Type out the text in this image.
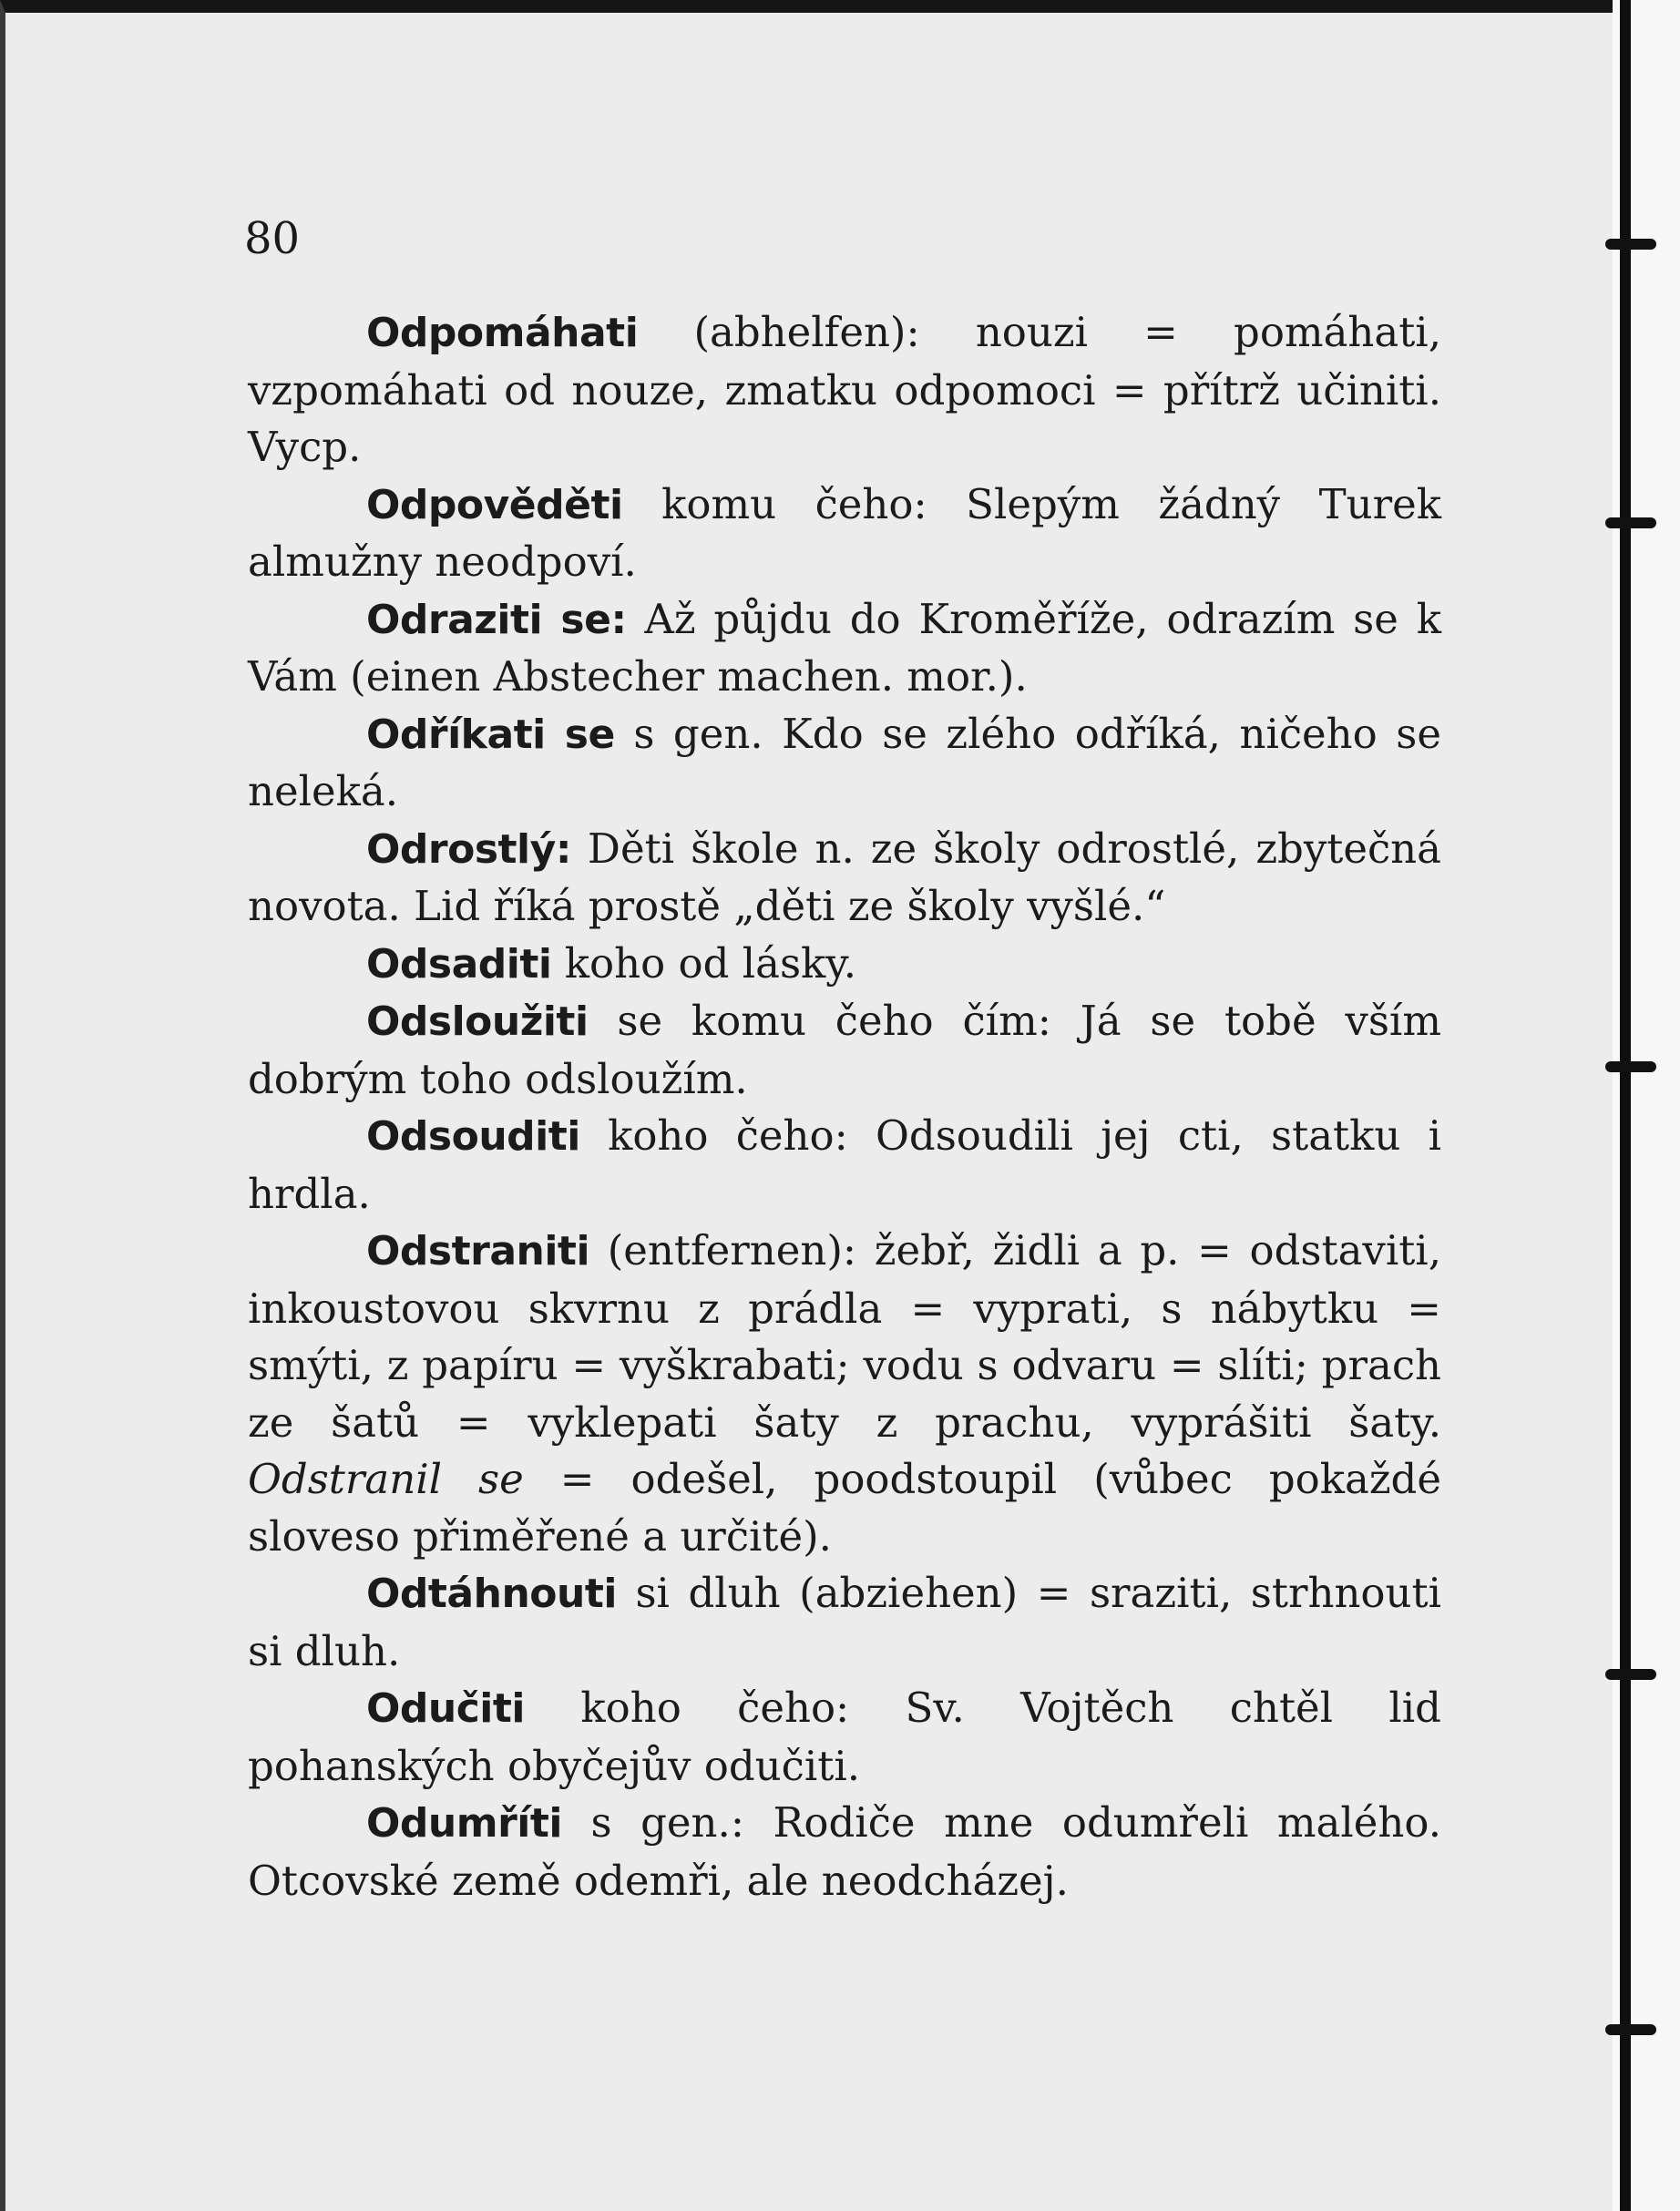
80

Odpomáhati (abhelfen): nouzi = pomáhati, vzpomáhati od nouze, zmatku odpomoci = přítrž učiniti. Vycp.

Odpověděti komu čeho: Slepým žádný Turek almužny neodpoví.

Odraziti se: Až půjdu do Kroměříže, odrazím se k Vám (einen Abstecher machen. mor.).

Odříkati se s gen. Kdo se zlého odříká, ničeho se neleká.

Odrostlý: Děti škole n. ze školy odrostlé, zbytečná novota. Lid říká prostě „děti ze školy vyšlé.“

Odsaditi koho od lásky.

Odsloužiti se komu čeho čím: Já se tobě vším dobrým toho odsloužím.

Odsouditi koho čeho: Odsoudili jej cti, statku i hrdla.

Odstraniti (entfernen): žebř, židli a p. = odstaviti, inkoustovou skvrnu z prádla = vyprati, s nábytku = smýti, z papíru = vyškrabati; vodu s odvaru = slíti; prach ze šatů = vyklepati šaty z prachu, vyprášiti šaty. Odstranil se = odešel, poodstoupil (vůbec pokaždé sloveso přiměřené a určité).

Odtáhnouti si dluh (abziehen) = sraziti, strhnouti si dluh.

Odučiti koho čeho: Sv. Vojtěch chtěl lid pohanských obyčejův odučiti.

Odumříti s gen.: Rodiče mne odumřeli malého. Otcovské země odemři, ale neodcházej.
